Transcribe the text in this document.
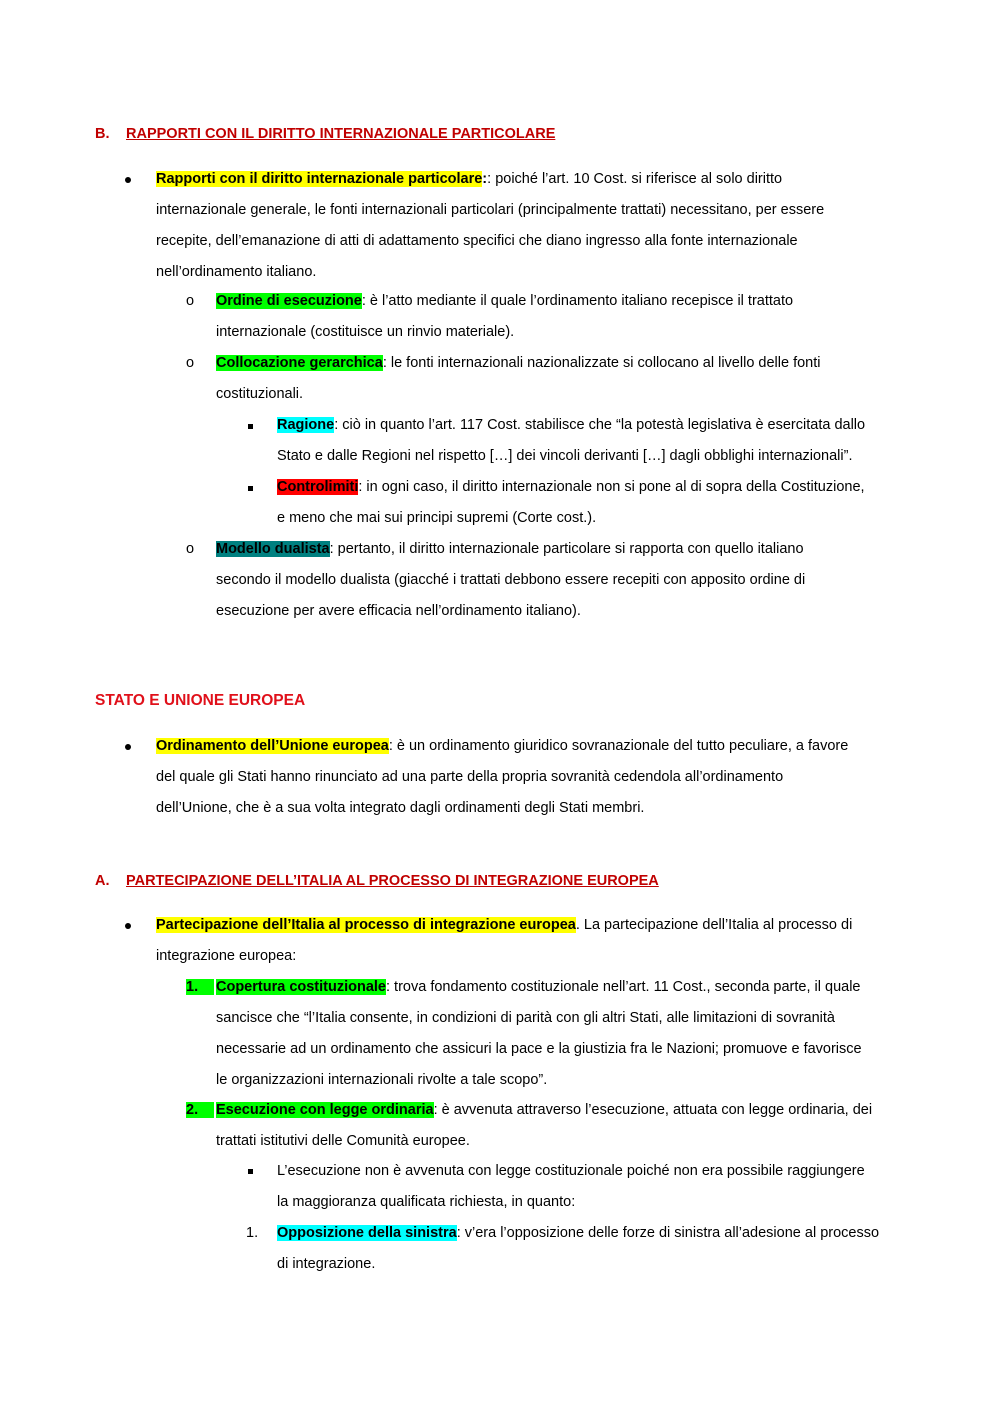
B. RAPPORTI CON IL DIRITTO INTERNAZIONALE PARTICOLARE
Rapporti con il diritto internazionale particolare:: poiché l’art. 10 Cost. si riferisce al solo diritto
internazionale generale, le fonti internazionali particolari (principalmente trattati) necessitano, per essere
recepite, dell’emanazione di atti di adattamento specifici che diano ingresso alla fonte internazionale
nell’ordinamento italiano.
o Ordine di esecuzione: è l’atto mediante il quale l’ordinamento italiano recepisce il trattato
internazionale (costituisce un rinvio materiale).
o Collocazione gerarchica: le fonti internazionali nazionalizzate si collocano al livello delle fonti
costituzionali.
Ragione: ciò in quanto l’art. 117 Cost. stabilisce che “la potestà legislativa è esercitata dallo
Stato e dalle Regioni nel rispetto […] dei vincoli derivanti […] dagli obblighi internazionali”.
Controlimiti: in ogni caso, il diritto internazionale non si pone al di sopra della Costituzione,
e meno che mai sui principi supremi (Corte cost.).
o Modello dualista: pertanto, il diritto internazionale particolare si rapporta con quello italiano
secondo il modello dualista (giacché i trattati debbono essere recepiti con apposito ordine di
esecuzione per avere efficacia nell’ordinamento italiano).
STATO E UNIONE EUROPEA
Ordinamento dell’Unione europea: è un ordinamento giuridico sovranazionale del tutto peculiare, a favore
del quale gli Stati hanno rinunciato ad una parte della propria sovranità cedendola all’ordinamento
dell’Unione, che è a sua volta integrato dagli ordinamenti degli Stati membri.
A. PARTECIPAZIONE DELL’ITALIA AL PROCESSO DI INTEGRAZIONE EUROPEA
Partecipazione dell’Italia al processo di integrazione europea. La partecipazione dell’Italia al processo di
integrazione europea:
1.	Copertura costituzionale: trova fondamento costituzionale nell’art. 11 Cost., seconda parte, il quale
sancisce che “l’Italia consente, in condizioni di parità con gli altri Stati, alle limitazioni di sovranità
necessarie ad un ordinamento che assicuri la pace e la giustizia fra le Nazioni; promuove e favorisce
le organizzazioni internazionali rivolte a tale scopo”.
2.	Esecuzione con legge ordinaria: è avvenuta attraverso l’esecuzione, attuata con legge ordinaria, dei
trattati istitutivi delle Comunità europee.
L’esecuzione non è avvenuta con legge costituzionale poiché non era possibile raggiungere
la maggioranza qualificata richiesta, in quanto:
1. Opposizione della sinistra: v’era l’opposizione delle forze di sinistra all’adesione al processo
di integrazione.
